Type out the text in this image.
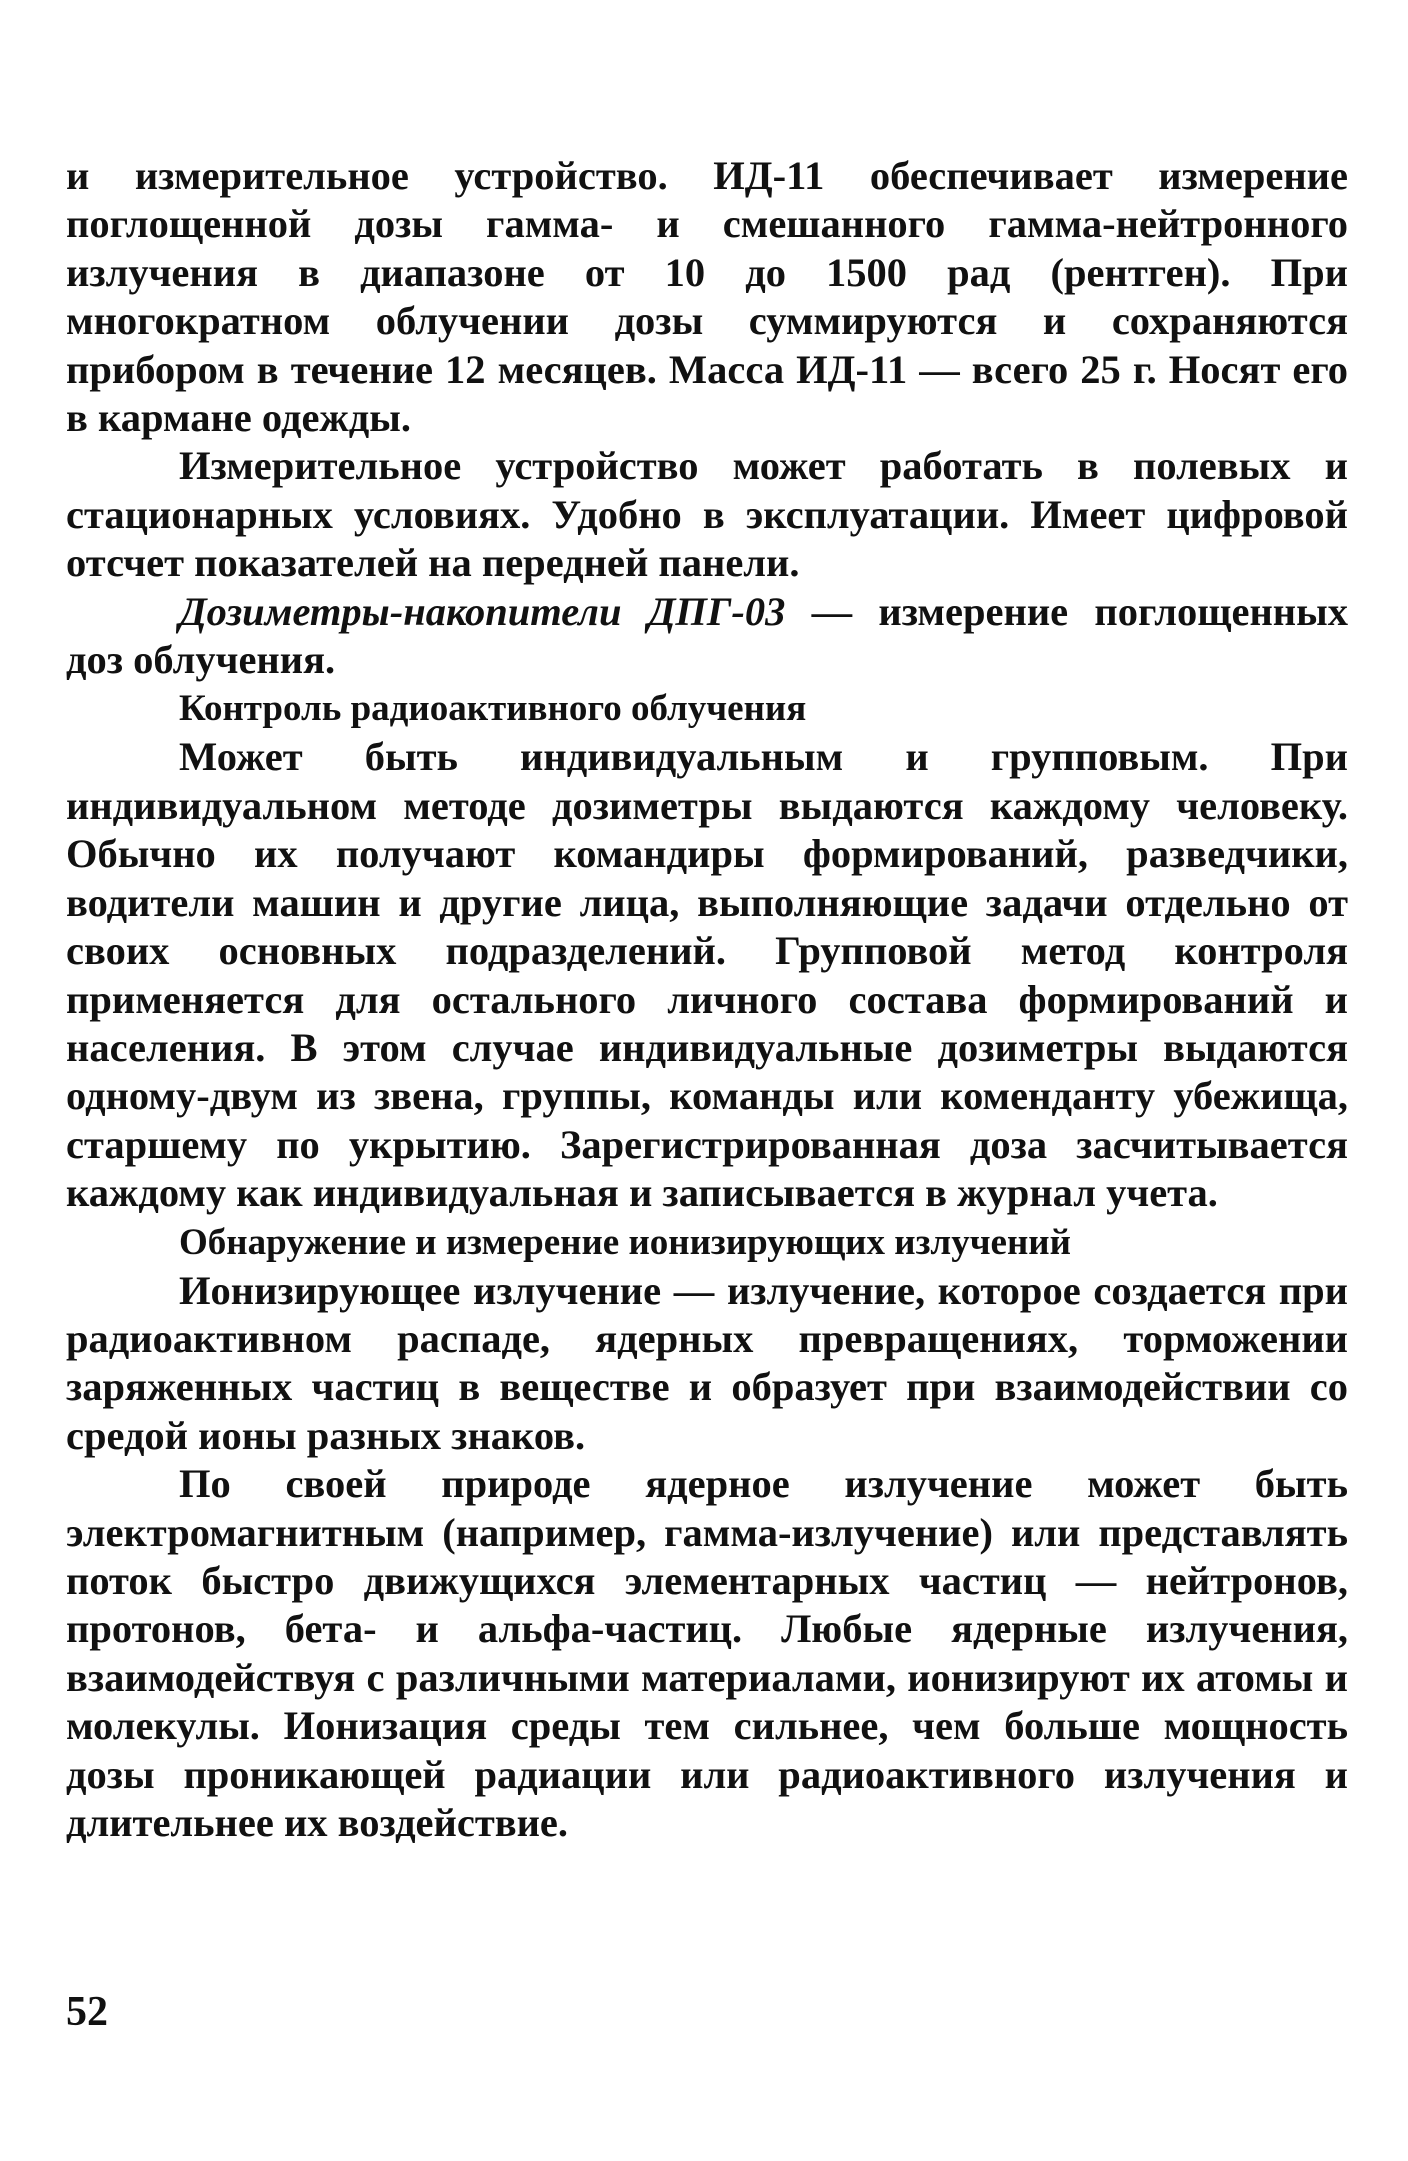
и измерительное устройство. ИД-11 обеспечивает измерение поглощенной дозы гамма- и смешанного гамма-нейтронного излучения в диапазоне от 10 до 1500 рад (рентген). При многократном облучении дозы суммируются и сохраняются прибором в течение 12 месяцев. Масса ИД-11 — всего 25 г. Носят его в кармане одежды.

Измерительное устройство может работать в полевых и стационарных условиях. Удобно в эксплуатации. Имеет цифровой отсчет показателей на передней панели.

Дозиметры-накопители ДПГ-03 — измерение поглощенных доз облучения.

Контроль радиоактивного облучения

Может быть индивидуальным и групповым. При индивидуальном методе дозиметры выдаются каждому человеку. Обычно их получают командиры формирований, разведчики, водители машин и другие лица, выполняющие задачи отдельно от своих основных подразделений. Групповой метод контроля применяется для остального личного состава формирований и населения. В этом случае индивидуальные дозиметры выдаются одному-двум из звена, группы, команды или коменданту убежища, старшему по укрытию. Зарегистрированная доза засчитывается каждому как индивидуальная и записывается в журнал учета.

Обнаружение и измерение ионизирующих излучений

Ионизирующее излучение — излучение, которое создается при радиоактивном распаде, ядерных превращениях, торможении заряженных частиц в веществе и образует при взаимодействии со средой ионы разных знаков.

По своей природе ядерное излучение может быть электромагнитным (например, гамма-излучение) или представлять поток быстро движущихся элементарных частиц — нейтронов, протонов, бета- и альфа-частиц. Любые ядерные излучения, взаимодействуя с различными материалами, ионизируют их атомы и молекулы. Ионизация среды тем сильнее, чем больше мощность дозы проникающей радиации или радиоактивного излучения и длительнее их воздействие.

52
